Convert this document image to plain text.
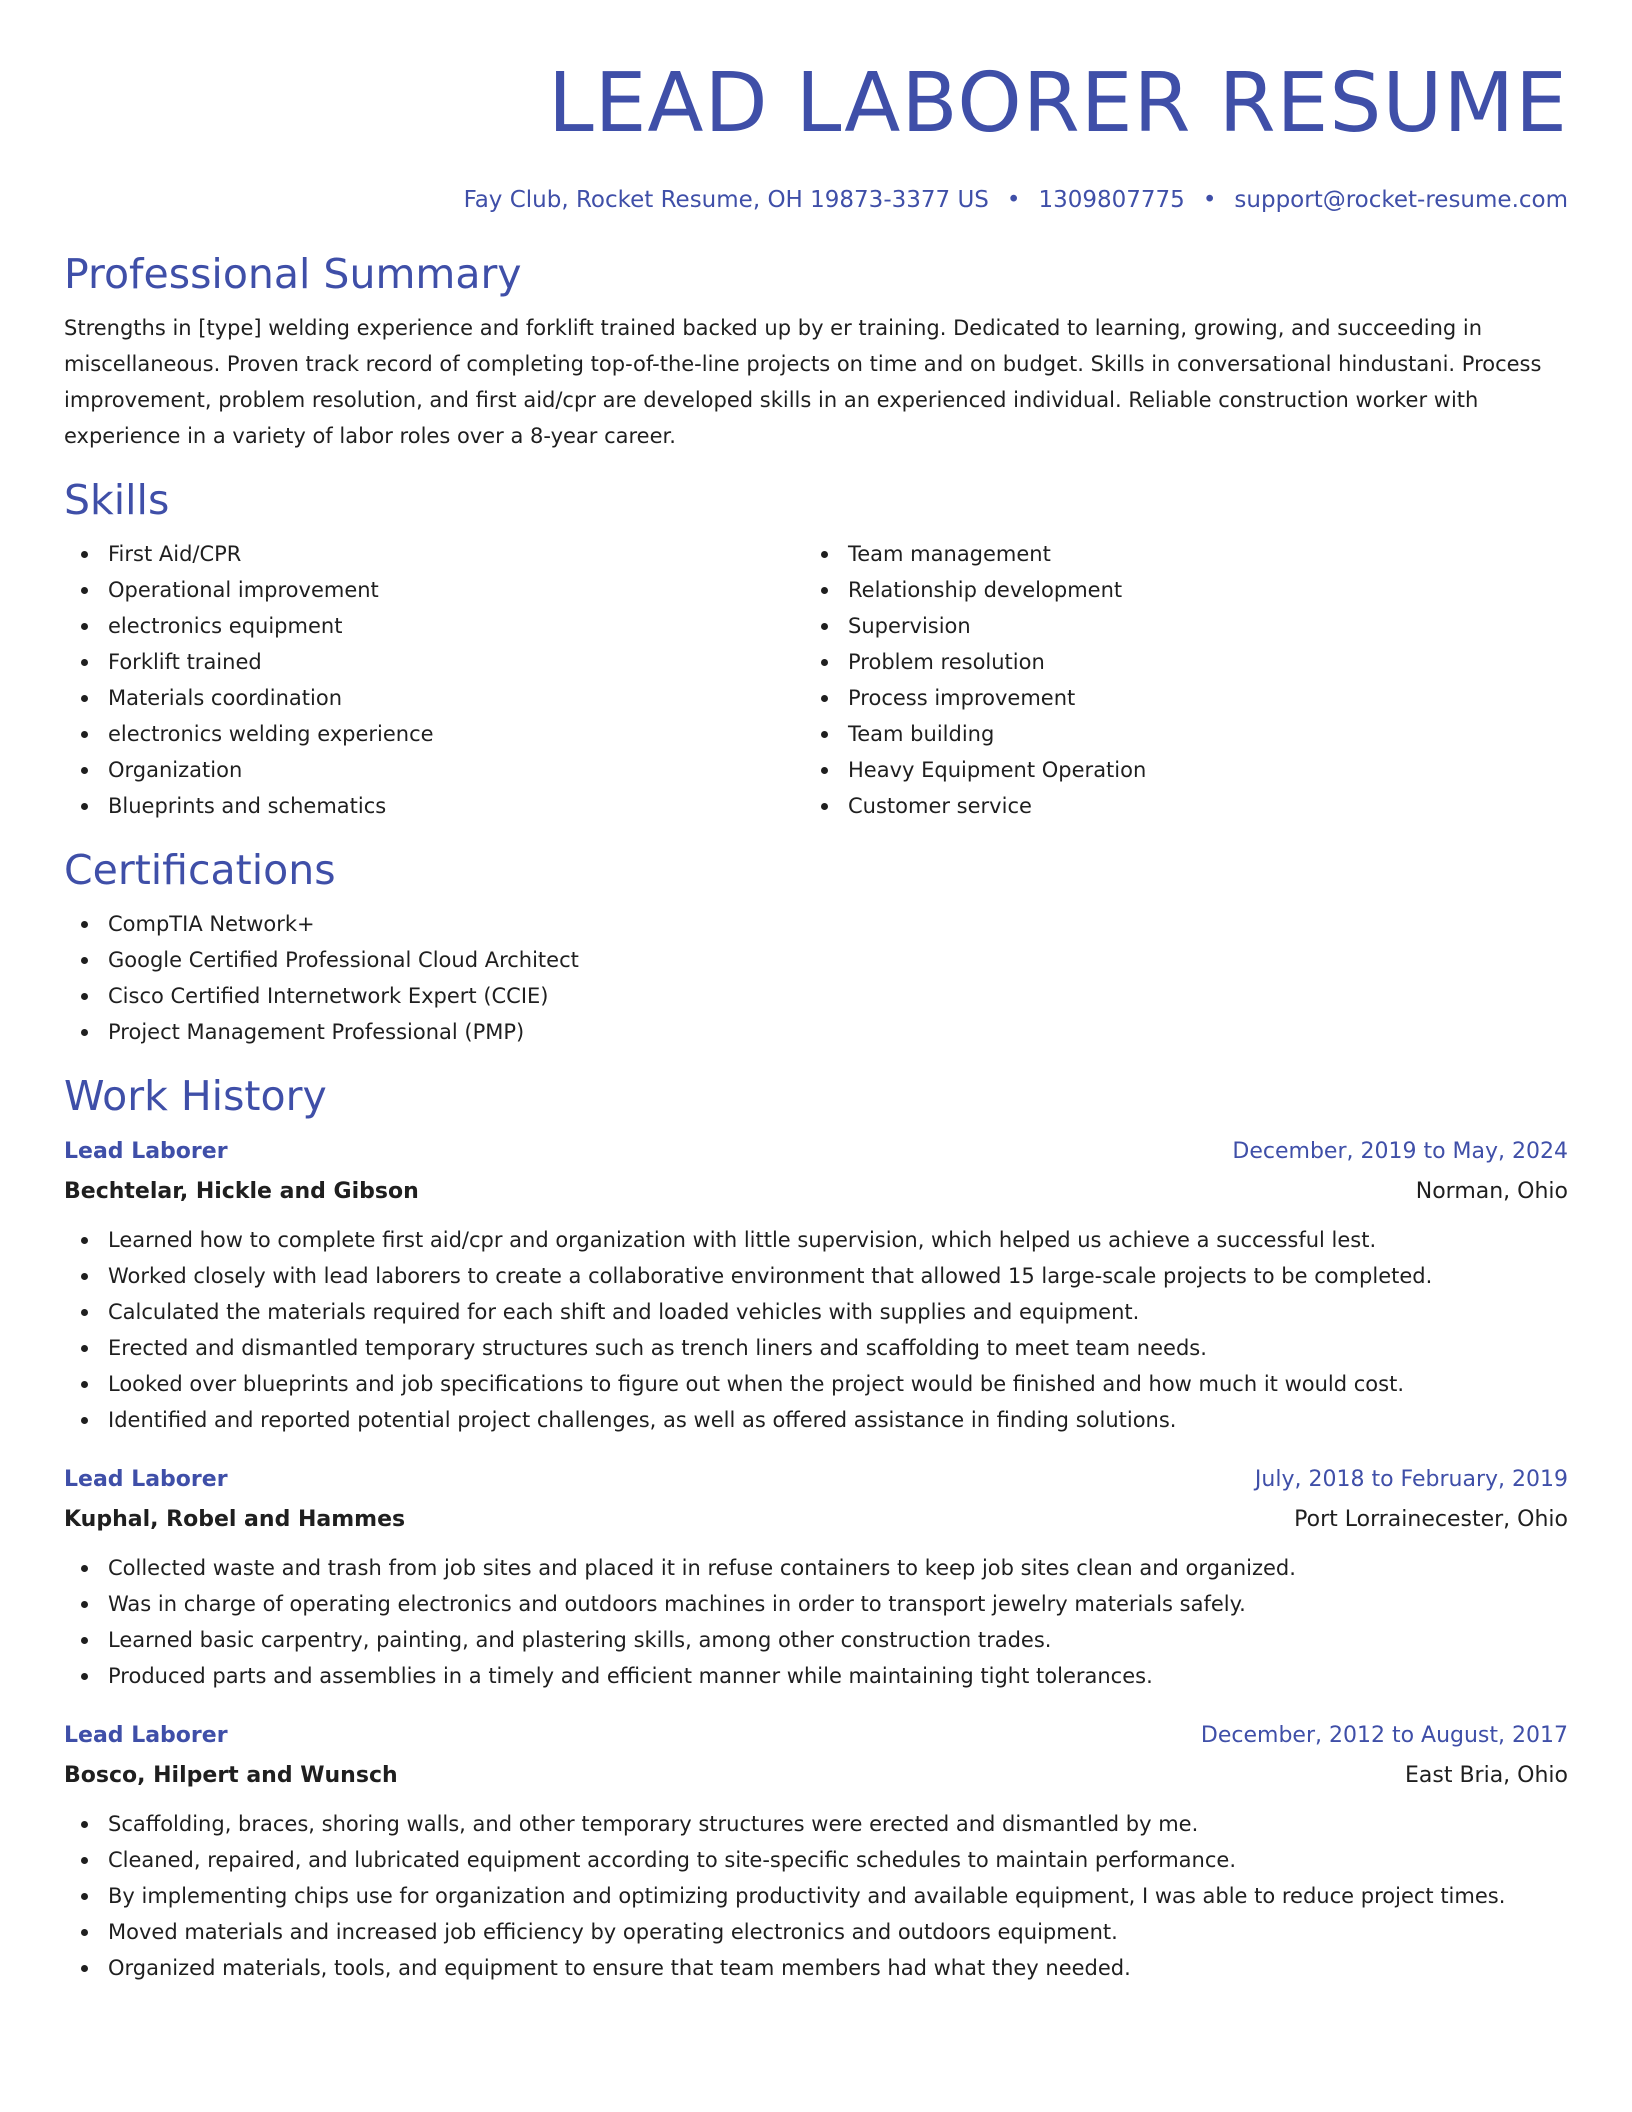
LEAD LABORER RESUME
Fay Club, Rocket Resume, OH 19873-3377 US • 1309807775 • support@rocket-resume.com
Professional Summary

Strengths in [type] welding experience and forklift trained backed up by er training. Dedicated to learning, growing, and succeeding in miscellaneous. Proven track record of completing top-of-the-line projects on time and on budget. Skills in conversational hindustani. Process improvement, problem resolution, and first aid/cpr are developed skills in an experienced individual. Reliable construction worker with experience in a variety of labor roles over a 8-year career.

Skills
First Aid/CPR
Operational improvement
electronics equipment
Forklift trained
Materials coordination
electronics welding experience
Organization
Blueprints and schematics
Team management
Relationship development
Supervision
Problem resolution
Process improvement
Team building
Heavy Equipment Operation
Customer service
Certifications
CompTIA Network+
Google Certified Professional Cloud Architect
Cisco Certified Internetwork Expert (CCIE)
Project Management Professional (PMP)
Work History
Lead Laborer	December, 2019 to May, 2024
Bechtelar, Hickle and Gibson	Norman, Ohio
Learned how to complete first aid/cpr and organization with little supervision, which helped us achieve a successful lest.
Worked closely with lead laborers to create a collaborative environment that allowed 15 large-scale projects to be completed.
Calculated the materials required for each shift and loaded vehicles with supplies and equipment.
Erected and dismantled temporary structures such as trench liners and scaffolding to meet team needs.
Looked over blueprints and job specifications to figure out when the project would be finished and how much it would cost.
Identified and reported potential project challenges, as well as offered assistance in finding solutions.
Lead Laborer	July, 2018 to February, 2019
Kuphal, Robel and Hammes	Port Lorrainecester, Ohio
Collected waste and trash from job sites and placed it in refuse containers to keep job sites clean and organized.
Was in charge of operating electronics and outdoors machines in order to transport jewelry materials safely.
Learned basic carpentry, painting, and plastering skills, among other construction trades.
Produced parts and assemblies in a timely and efficient manner while maintaining tight tolerances.
Lead Laborer	December, 2012 to August, 2017
Bosco, Hilpert and Wunsch	East Bria, Ohio
Scaffolding, braces, shoring walls, and other temporary structures were erected and dismantled by me.
Cleaned, repaired, and lubricated equipment according to site-specific schedules to maintain performance.
By implementing chips use for organization and optimizing productivity and available equipment, I was able to reduce project times.
Moved materials and increased job efficiency by operating electronics and outdoors equipment.
Organized materials, tools, and equipment to ensure that team members had what they needed.
